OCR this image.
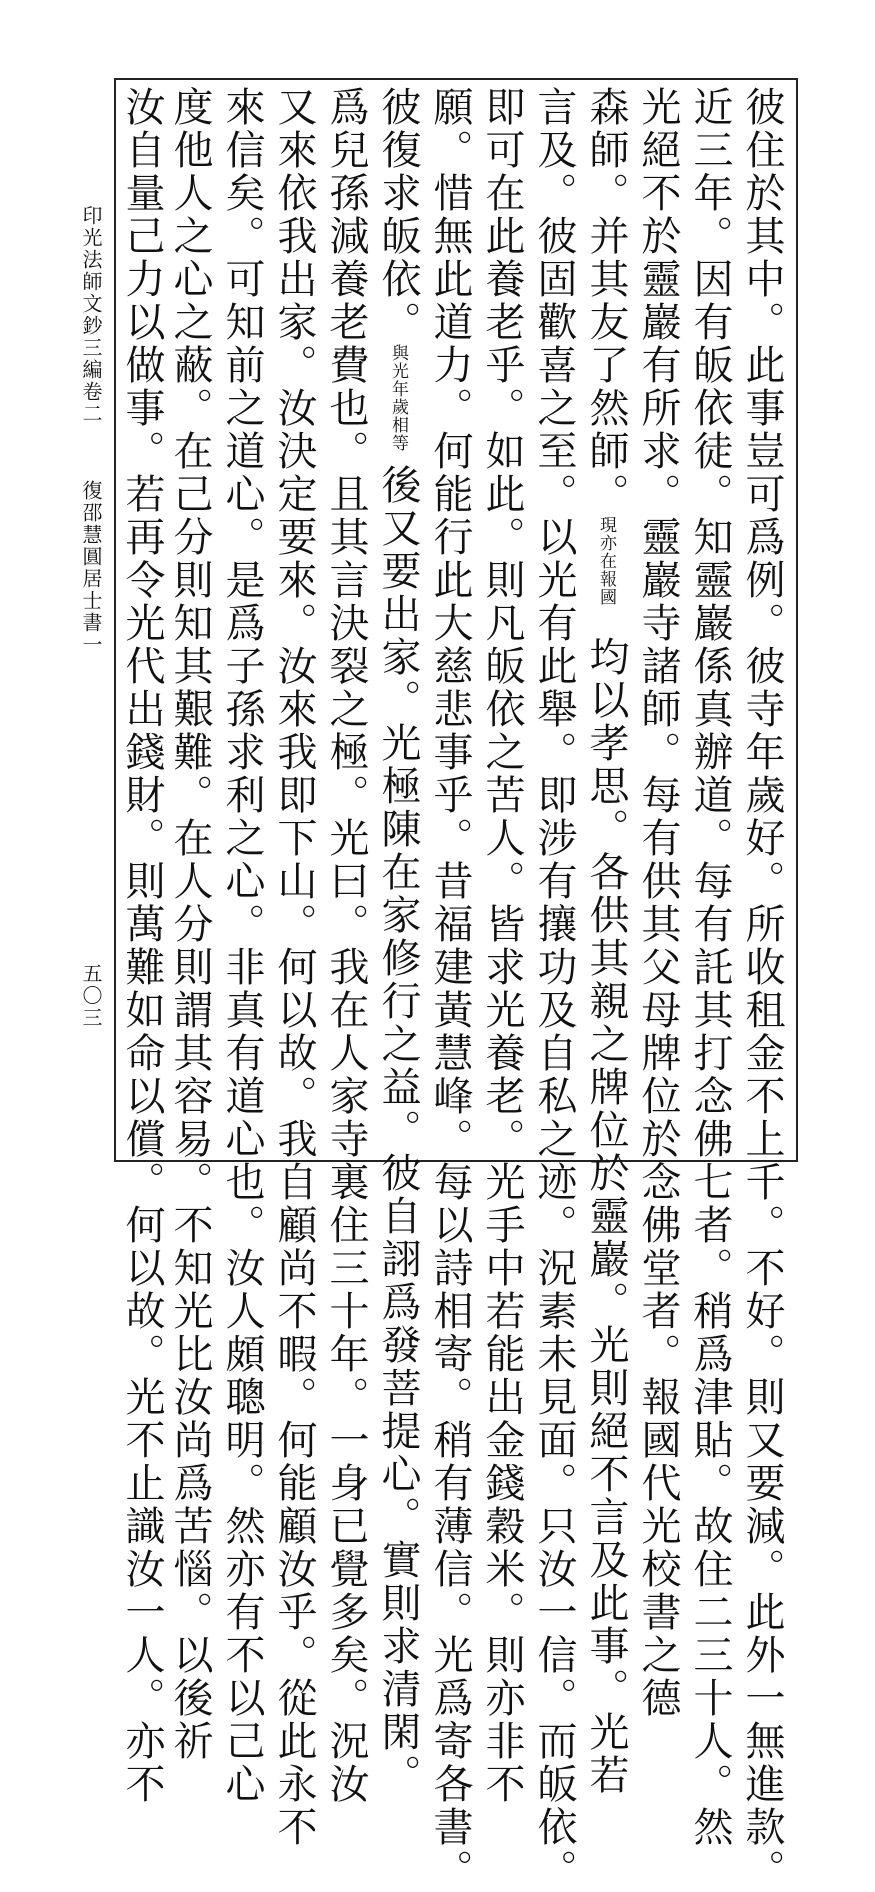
印光法師文鈔三編卷二
復邵慧圓居士書一
五〇三	彼住於其中。此事豈可爲例。彼寺年歲好。所收租金不上千。不好。則又要減。此外一無進款。
近三年。因有皈依徒。知靈巖係真辦道。每有託其打念佛七者。稍爲津貼。故住二三十人。然
光絕不於靈巖有所求。靈巖寺諸師。每有供其父母牌位於念佛堂者。報國代光校書之德
森師。并其友了然師。現亦在報國均以孝思。各供其親之牌位於靈巖。光則絕不言及此事。光若
言及。彼固歡喜之至。以光有此舉。即涉有攘功及自私之迹。況素未見面。只汝一信。而皈依。
即可在此養老乎。如此。則凡皈依之苦人。皆求光養老。光手中若能出金錢穀米。則亦非不
願。惜無此道力。何能行此大慈悲事乎。昔福建黃慧峰。每以詩相寄。稍有薄信。光爲寄各書。
彼復求皈依。與光年歲相等後又要出家。光極陳在家修行之益。彼自詡爲發菩提心。實則求清閑。
爲兒孫減養老費也。且其言決裂之極。光曰。我在人家寺裏住三十年。一身已覺多矣。況汝
又來依我出家。汝決定要來。汝來我即下山。何以故。我自顧尚不暇。何能顧汝乎。從此永不
來信矣。可知前之道心。是爲子孫求利之心。非真有道心也。汝人頗聰明。然亦有不以己心
度他人之心之蔽。在己分則知其艱難。在人分則謂其容易。不知光比汝尚爲苦惱。以後祈
汝自量己力以做事。若再令光代出錢財。則萬難如命以償。何以故。光不止識汝一人。亦不
